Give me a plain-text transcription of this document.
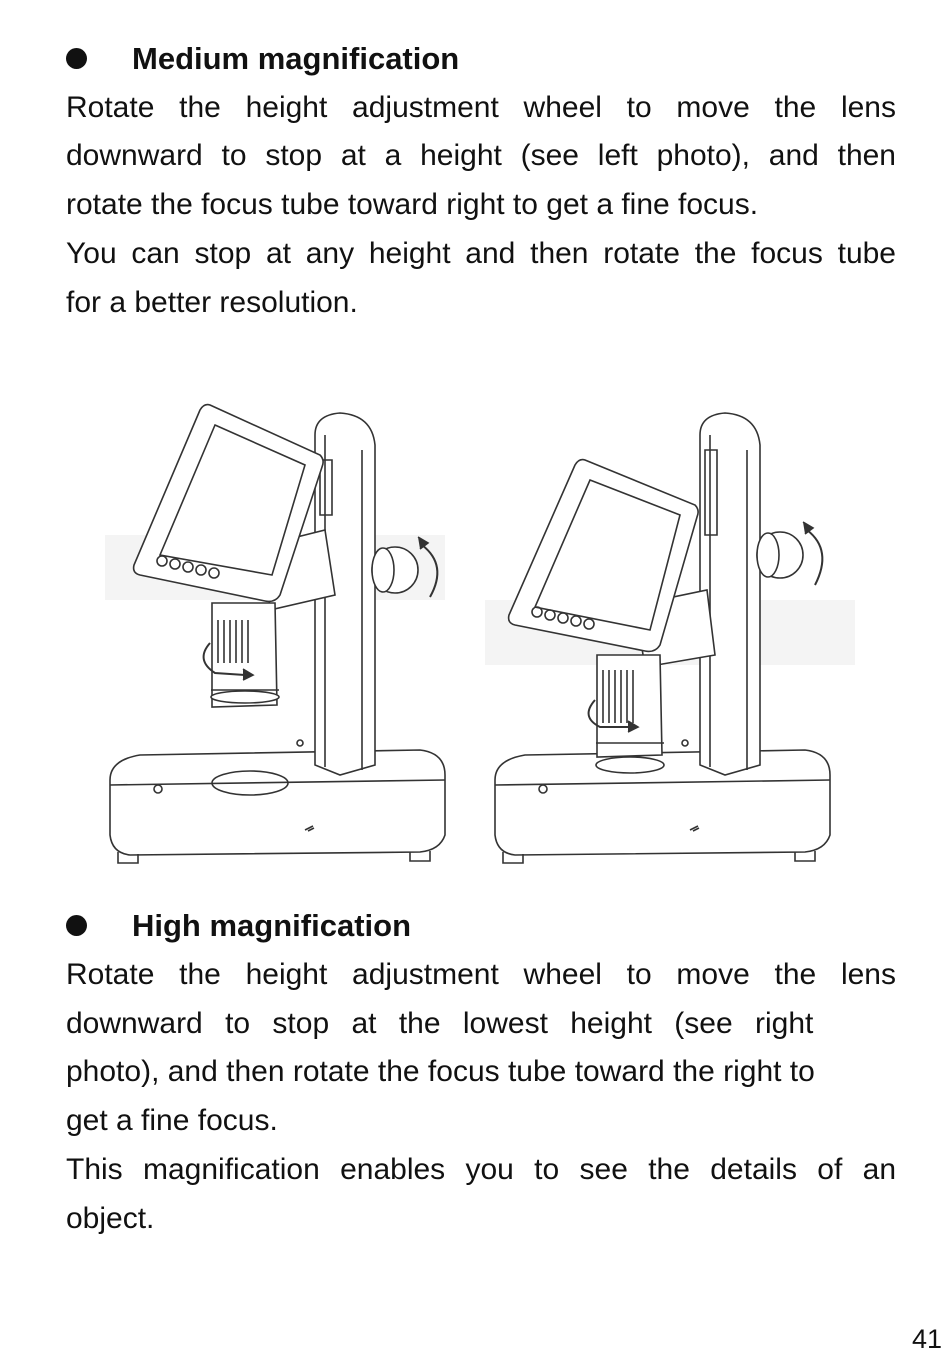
Medium magnification
Rotate the height adjustment wheel to move the lens
downward to stop at a height (see left photo), and then
rotate the focus tube toward right to get a fine focus.
You can stop at any height and then rotate the focus tube
for a better resolution.
High magnification
Rotate the height adjustment wheel to move the lens
downward to stop at the lowest height (see right
photo), and then rotate the focus tube toward the right to
get a fine focus.
This magnification enables you to see the details of an
object.
41
